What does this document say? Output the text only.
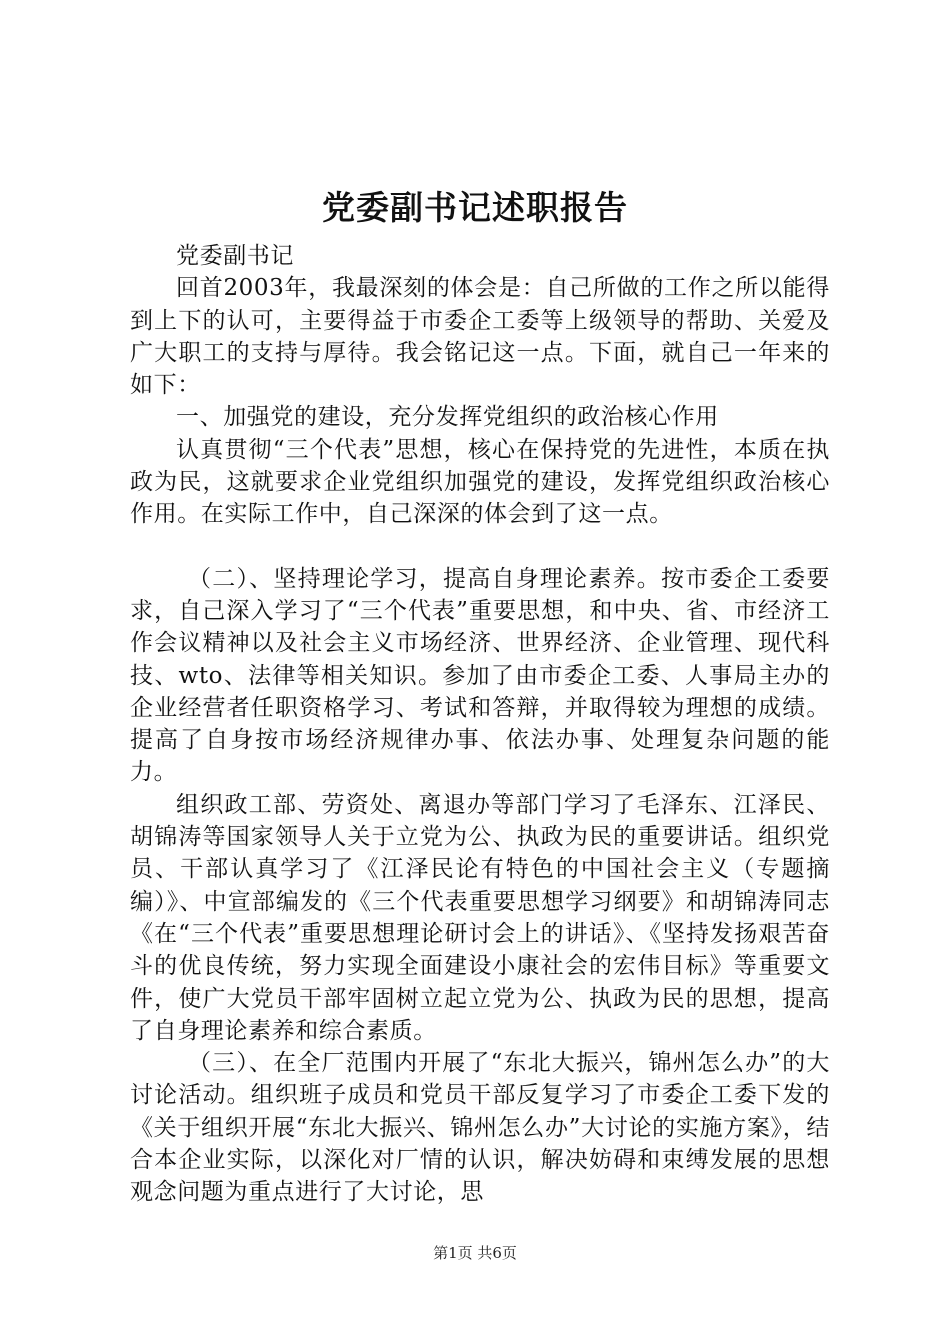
党委副书记述职报告

党委副书记

回首2003年，我最深刻的体会是：自己所做的工作之所以能得到上下的认可，主要得益于市委企工委等上级领导的帮助、关爱及广大职工的支持与厚待。我会铭记这一点。下面，就自己一年来的如下：

一、加强党的建设，充分发挥党组织的政治核心作用

认真贯彻“三个代表”思想，核心在保持党的先进性，本质在执政为民，这就要求企业党组织加强党的建设，发挥党组织政治核心作用。在实际工作中，自己深深的体会到了这一点。

（二）、坚持理论学习，提高自身理论素养。按市委企工委要求，自己深入学习了“三个代表”重要思想，和中央、省、市经济工作会议精神以及社会主义市场经济、世界经济、企业管理、现代科技、wto、法律等相关知识。参加了由市委企工委、人事局主办的企业经营者任职资格学习、考试和答辩，并取得较为理想的成绩。提高了自身按市场经济规律办事、依法办事、处理复杂问题的能力。

组织政工部、劳资处、离退办等部门学习了毛泽东、江泽民、胡锦涛等国家领导人关于立党为公、执政为民的重要讲话。组织党员、干部认真学习了《江泽民论有特色的中国社会主义（专题摘编）》、中宣部编发的《三个代表重要思想学习纲要》和胡锦涛同志《在“三个代表”重要思想理论研讨会上的讲话》、《坚持发扬艰苦奋斗的优良传统，努力实现全面建设小康社会的宏伟目标》等重要文件，使广大党员干部牢固树立起立党为公、执政为民的思想，提高了自身理论素养和综合素质。

（三）、在全厂范围内开展了“东北大振兴，锦州怎么办”的大讨论活动。组织班子成员和党员干部反复学习了市委企工委下发的《关于组织开展“东北大振兴、锦州怎么办”大讨论的实施方案》，结合本企业实际，以深化对厂情的认识，解决妨碍和束缚发展的思想观念问题为重点进行了大讨论，思

第1页 共6页
